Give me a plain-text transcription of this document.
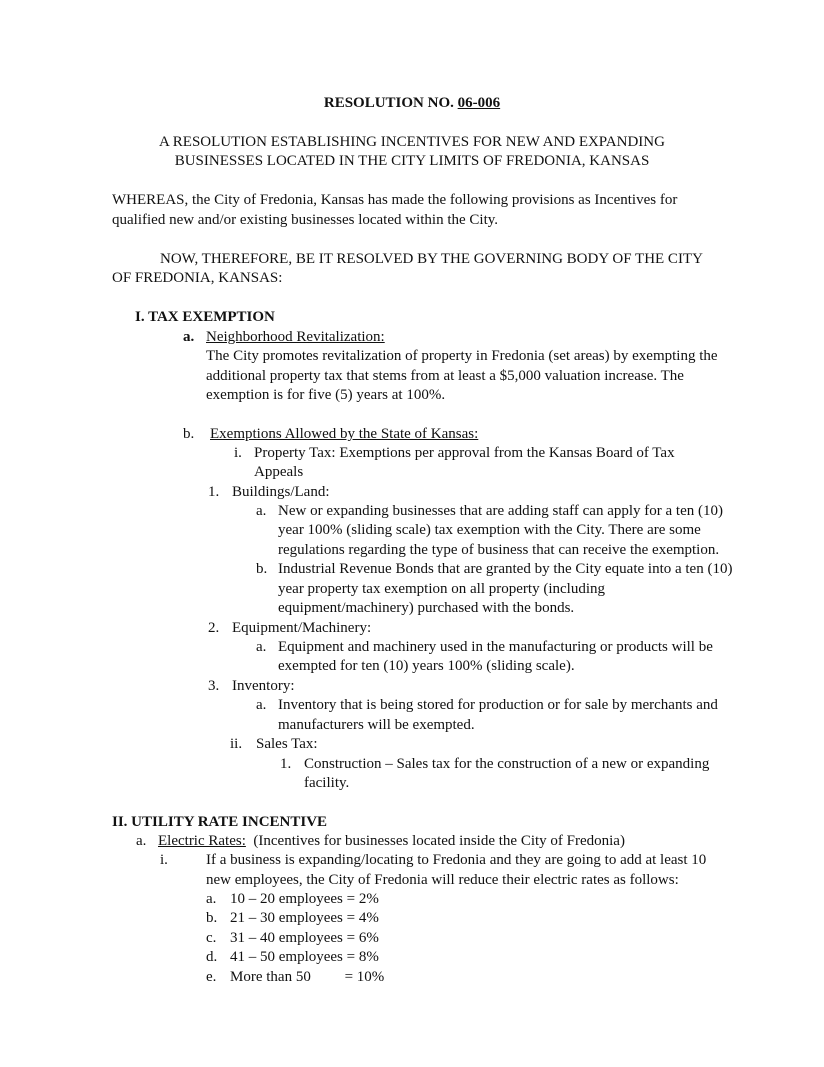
RESOLUTION NO. 06-006
A RESOLUTION ESTABLISHING INCENTIVES FOR NEW AND EXPANDING
BUSINESSES LOCATED IN THE CITY LIMITS OF FREDONIA, KANSAS
WHEREAS, the City of Fredonia, Kansas has made the following provisions as Incentives for
qualified new and/or existing businesses located within the City.
NOW, THEREFORE, BE IT RESOLVED BY THE GOVERNING BODY OF THE CITY
OF FREDONIA, KANSAS:
I. TAX EXEMPTION
a. Neighborhood Revitalization:
The City promotes revitalization of property in Fredonia (set areas) by exempting the
additional property tax that stems from at least a $5,000 valuation increase. The
exemption is for five (5) years at 100%.
b. Exemptions Allowed by the State of Kansas:
i. Property Tax: Exemptions per approval from the Kansas Board of Tax
Appeals
1. Buildings/Land:
a. New or expanding businesses that are adding staff can apply for a ten (10)
year 100% (sliding scale) tax exemption with the City. There are some
regulations regarding the type of business that can receive the exemption.
b. Industrial Revenue Bonds that are granted by the City equate into a ten (10)
year property tax exemption on all property (including
equipment/machinery) purchased with the bonds.
2. Equipment/Machinery:
a. Equipment and machinery used in the manufacturing or products will be
exempted for ten (10) years 100% (sliding scale).
3. Inventory:
a. Inventory that is being stored for production or for sale by merchants and
manufacturers will be exempted.
ii. Sales Tax:
1. Construction – Sales tax for the construction of a new or expanding
facility.
II. UTILITY RATE INCENTIVE
a. Electric Rates:  (Incentives for businesses located inside the City of Fredonia)
i.	If a business is expanding/locating to Fredonia and they are going to add at least 10
new employees, the City of Fredonia will reduce their electric rates as follows:
a. 10 – 20 employees = 2%
b. 21 – 30 employees = 4%
c. 31 – 40 employees = 6%
d. 41 – 50 employees = 8%
e. More than 50         = 10%
